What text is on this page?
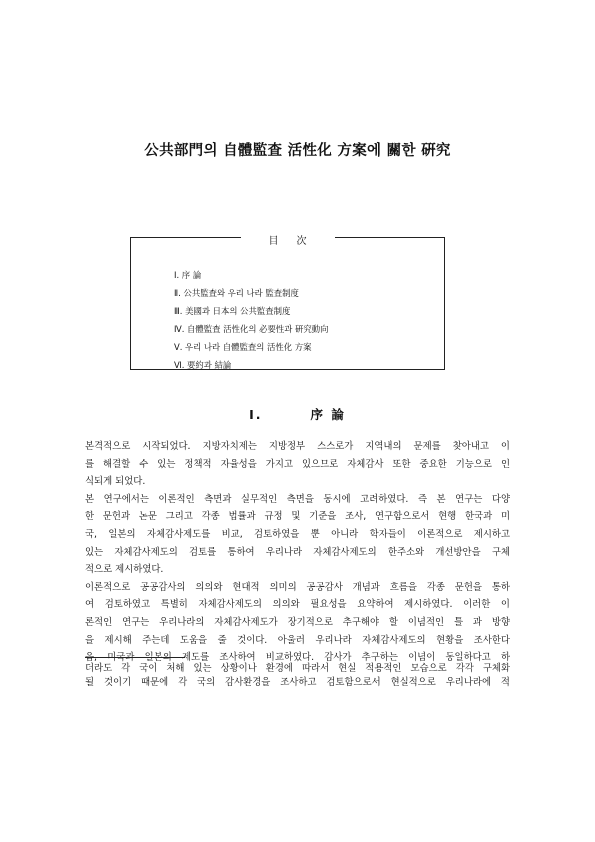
公共部門의 自體監査 活性化 方案에 關한 硏究
目次
Ⅰ. 序 論
Ⅱ. 公共監査와 우리 나라 監査制度
Ⅲ. 美國과 日本의 公共監査制度
Ⅳ. 自體監査 活性化의 必要性과 硏究動向
Ⅴ. 우리 나라 自體監査의 活性化 方案
Ⅵ. 要約과 結論
Ⅰ.	序 論
본격적으로 시작되었다. 지방자치제는 지방정부 스스로가 지역내의 문제를 찾아내고 이
를 해결할 수 있는 정책적 자율성을 가지고 있으므로 자체감사 또한 중요한 기능으로 인
식되게 되었다.
본 연구에서는 이론적인 측면과 실무적인 측면을 동시에 고려하였다. 즉 본 연구는 다양
한 문헌과 논문 그리고 각종 법률과 규정 및 기준을 조사, 연구함으로서 현행 한국과 미
국, 일본의 자체감사제도를 비교, 검토하였을 뿐 아니라 학자들이 이론적으로 제시하고
있는 자체감사제도의 검토를 통하여 우리나라 자체감사제도의 한주소와 개선방안을 구체
적으로 제시하였다.
이론적으로 공공감사의 의의와 현대적 의미의 공공감사 개념과 흐름을 각종 문헌을 통하
여 검토하였고 특별히 자체감사제도의 의의와 필요성을 요약하여 제시하였다. 이러한 이
론적인 연구는 우리나라의 자체감사제도가 장기적으로 추구해야 할 이념적인 틀 과 방향
을 제시해 주는데 도움을 줄 것이다. 아울러 우리나라 자체감사제도의 현황을 조사한다
음, 미국과 일본의 제도를 조사하여 비교하였다. 감사가 추구하는 이념이 동일하다고 하
더라도 각 국이 처해 있는 상황이나 환경에 따라서 현실 적용적인 모습으로 각각 구체화
될 것이기 때문에 각 국의 감사환경을 조사하고 검토함으로서 현실적으로 우리나라에 적
